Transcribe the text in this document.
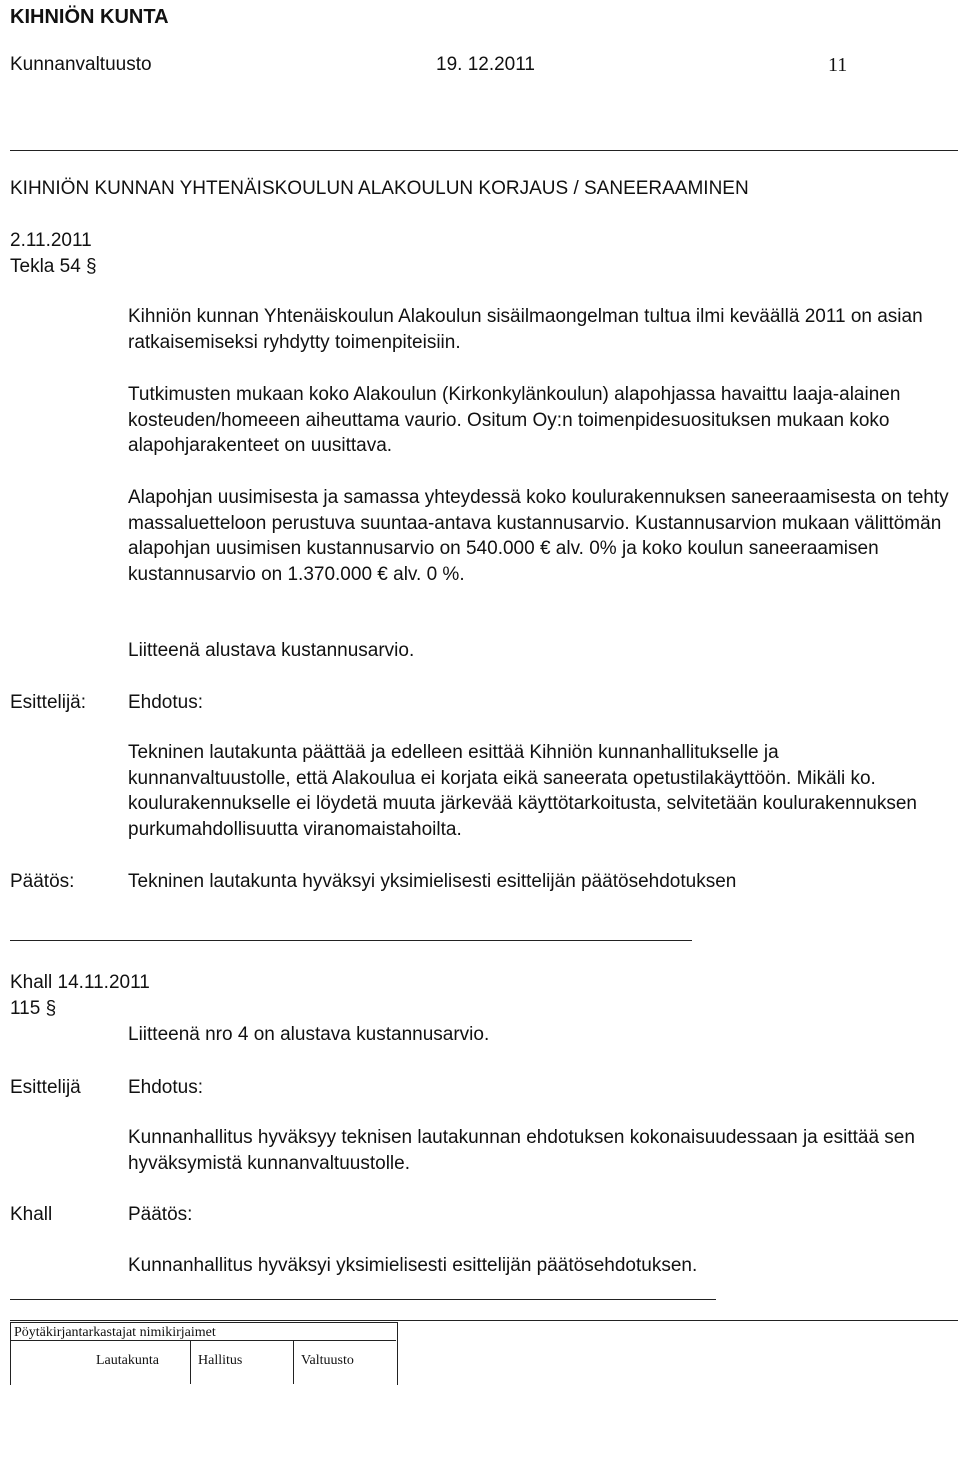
KIHNIÖN KUNTA
Kunnanvaltuusto	19. 12.2011	11
KIHNIÖN KUNNAN YHTENÄISKOULUN ALAKOULUN KORJAUS / SANEERAAMINEN
2.11.2011
Tekla 54 §
Kihniön kunnan Yhtenäiskoulun Alakoulun sisäilmaongelman tultua ilmi keväällä 2011 on asian ratkaisemiseksi ryhdytty toimenpiteisiin.
Tutkimusten mukaan koko Alakoulun (Kirkonkylänkoulun) alapohjassa havaittu laaja-alainen kosteuden/homeeen aiheuttama vaurio. Ositum Oy:n toimenpidesuosituksen mukaan koko alapohjarakenteet on uusittava.
Alapohjan uusimisesta ja samassa yhteydessä koko koulurakennuksen saneeraamisesta on tehty massaluetteloon perustuva suuntaa-antava kustannusarvio. Kustannusarvion mukaan välittömän alapohjan uusimisen kustannusarvio on 540.000 € alv. 0% ja koko koulun saneeraamisen kustannusarvio on 1.370.000 € alv. 0 %.
Liitteenä alustava kustannusarvio.
Esittelijä: Ehdotus:
Tekninen lautakunta päättää ja edelleen esittää Kihniön kunnanhallitukselle ja kunnanvaltuustolle, että Alakoulua ei korjata eikä saneerata opetustilakäyttöön. Mikäli ko. koulurakennukselle ei löydetä muuta järkevää käyttötarkoitusta, selvitetään koulurakennuksen purkumahdollisuutta viranomaistahoilta.
Päätös:	Tekninen lautakunta hyväksyi yksimielisesti esittelijän päätösehdotuksen
Khall 14.11.2011
115 §
Liitteenä nro 4 on alustava kustannusarvio.
Esittelijä Ehdotus:
Kunnanhallitus hyväksyy teknisen lautakunnan ehdotuksen kokonaisuudessaan ja esittää sen hyväksymistä kunnanvaltuustolle.
Khall	Päätös:
Kunnanhallitus hyväksyi yksimielisesti esittelijän päätösehdotuksen.
Pöytäkirjantarkastajat nimikirjaimet
Lautakunta	Hallitus	Valtuusto
